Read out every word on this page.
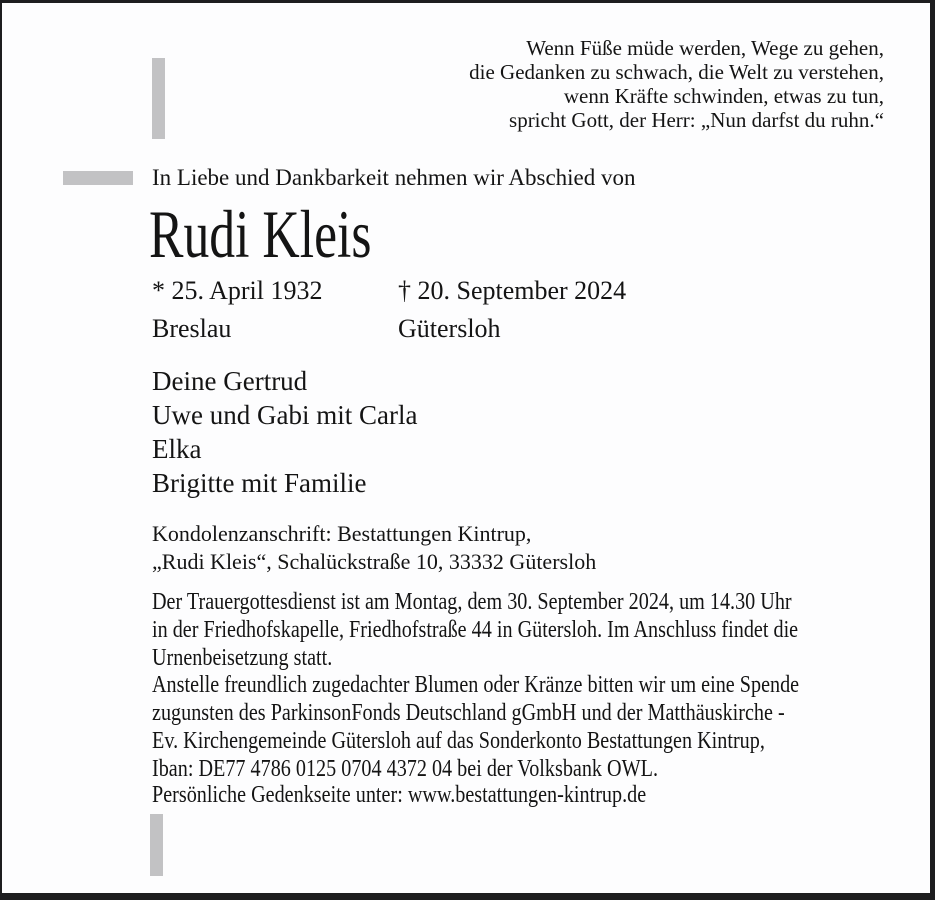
Wenn Füße müde werden, Wege zu gehen,
die Gedanken zu schwach, die Welt zu verstehen,
wenn Kräfte schwinden, etwas zu tun,
spricht Gott, der Herr: „Nun darfst du ruhn.“
In Liebe und Dankbarkeit nehmen wir Abschied von
Rudi Kleis
* 25. April 1932
Breslau
† 20. September 2024
Gütersloh
Deine Gertrud
Uwe und Gabi mit Carla
Elka
Brigitte mit Familie
Kondolenzanschrift: Bestattungen Kintrup,
„Rudi Kleis“, Schalückstraße 10, 33332 Gütersloh
Der Trauergottesdienst ist am Montag, dem 30. September 2024, um 14.30 Uhr
in der Friedhofskapelle, Friedhofstraße 44 in Gütersloh. Im Anschluss findet die
Urnenbeisetzung statt.
Anstelle freundlich zugedachter Blumen oder Kränze bitten wir um eine Spende
zugunsten des ParkinsonFonds Deutschland gGmbH und der Matthäuskirche -
Ev. Kirchengemeinde Gütersloh auf das Sonderkonto Bestattungen Kintrup,
Iban: DE77 4786 0125 0704 4372 04 bei der Volksbank OWL.
Persönliche Gedenkseite unter: www.bestattungen-kintrup.de
